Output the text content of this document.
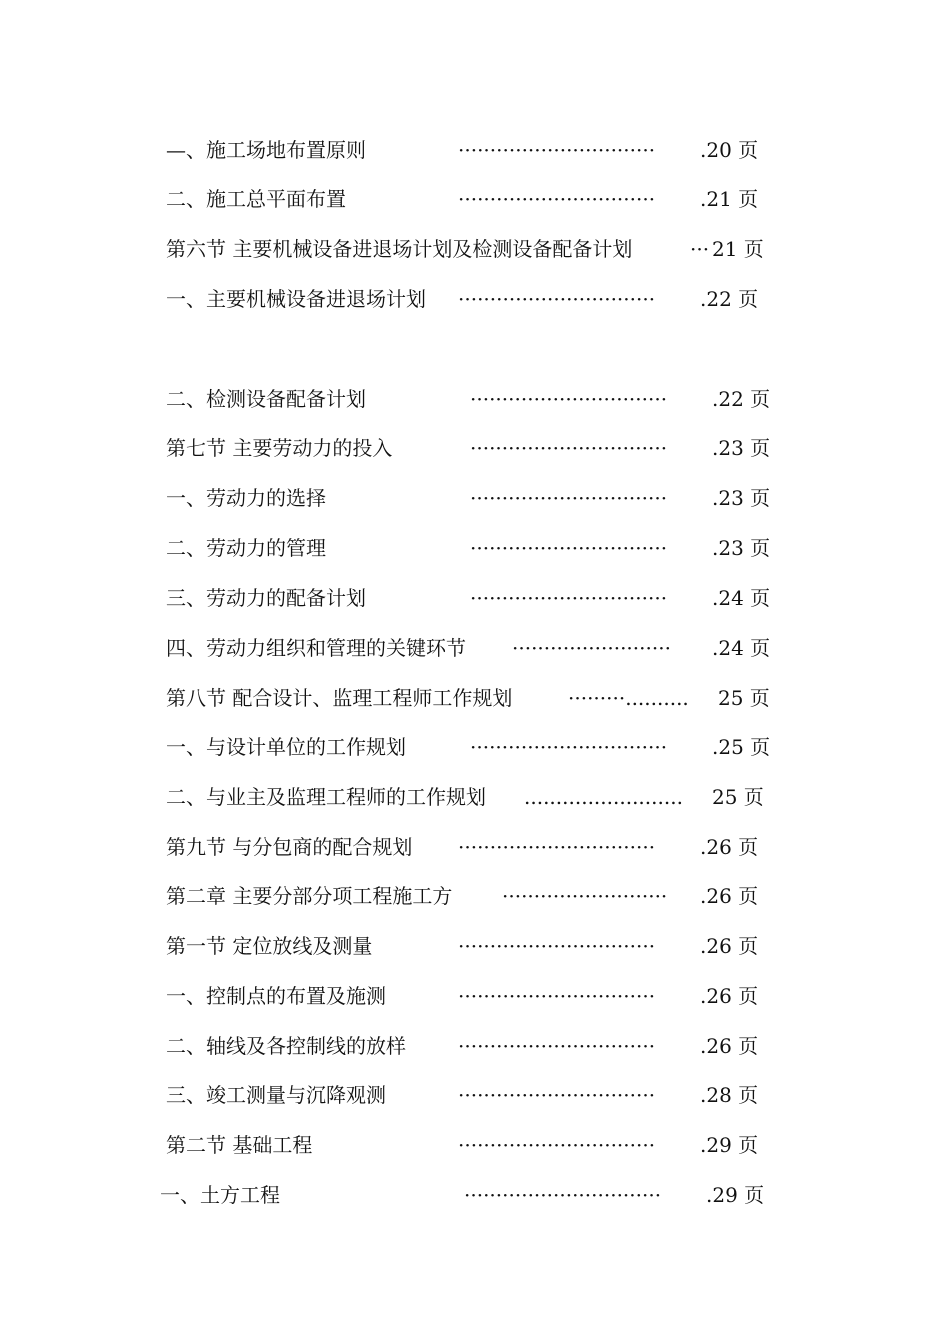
—、施工场地布置原则	······························· .20 页
二、施工总平面布置	······························· .21 页
第六节 主要机械设备进退场计划及检测设备配备计划	··· 21 页
一、主要机械设备进退场计划 ······························· .22 页
二、检测设备配备计划	······························· .22 页
第七节 主要劳动力的投入	······························· .23 页
一、劳动力的选择	······························· .23 页
二、劳动力的管理	······························· .23 页
三、劳动力的配备计划	······························· .24 页
四、劳动力组织和管理的关键环节 ························· .24 页
第八节 配合设计、监理工程师工作规划	·········.......... 25 页
一、与设计单位的工作规划	······························· .25 页
二、与业主及监理工程师的工作规划 ......................... 25 页
第九节 与分包商的配合规划 ······························· .26 页
第二章 主要分部分项工程施工方 ·························· .26 页
第一节 定位放线及测量	······························· .26 页
一、控制点的布置及施测	······························· .26 页
二、轴线及各控制线的放样	······························· .26 页
三、竣工测量与沉降观测	······························· .28 页
第二节 基础工程	······························· .29 页
一、土方工程	······························· .29 页
